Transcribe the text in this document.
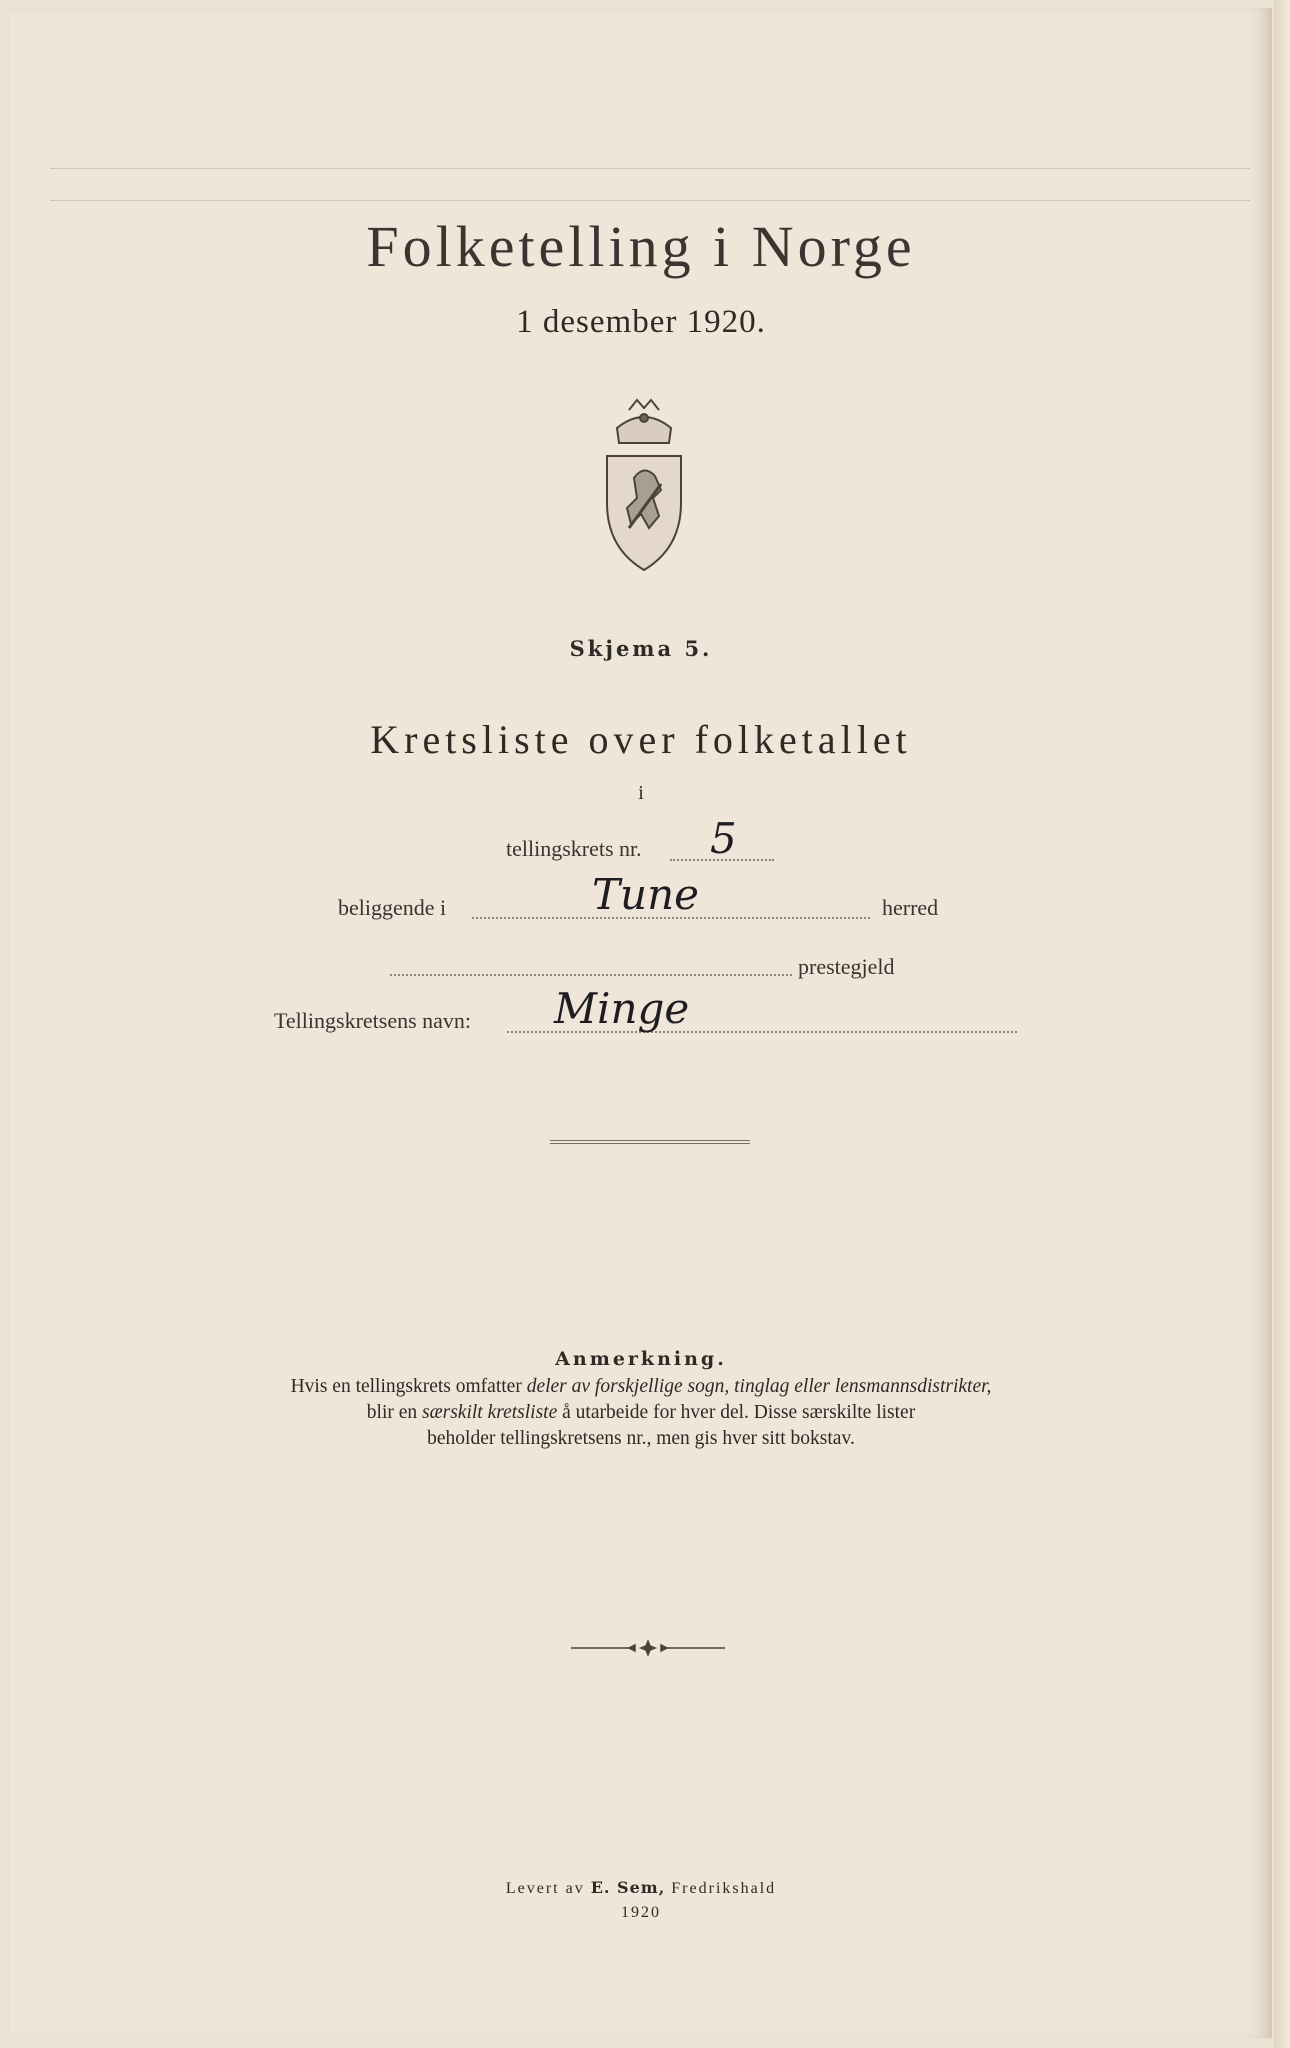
Folketelling i Norge
1 desember 1920.
Skjema 5.
Kretsliste over folketallet
i
tellingskrets nr. 5
beliggende i	Tune	herred
prestegjeld
Tellingskretsens navn: Minge
Anmerkning.
Hvis en tellingskrets omfatter deler av forskjellige sogn, tinglag eller lensmannsdistrikter,
blir en særskilt kretsliste å utarbeide for hver del. Disse særskilte lister
beholder tellingskretsens nr., men gis hver sitt bokstav.
Levert av E. Sem, Fredrikshald
1920
